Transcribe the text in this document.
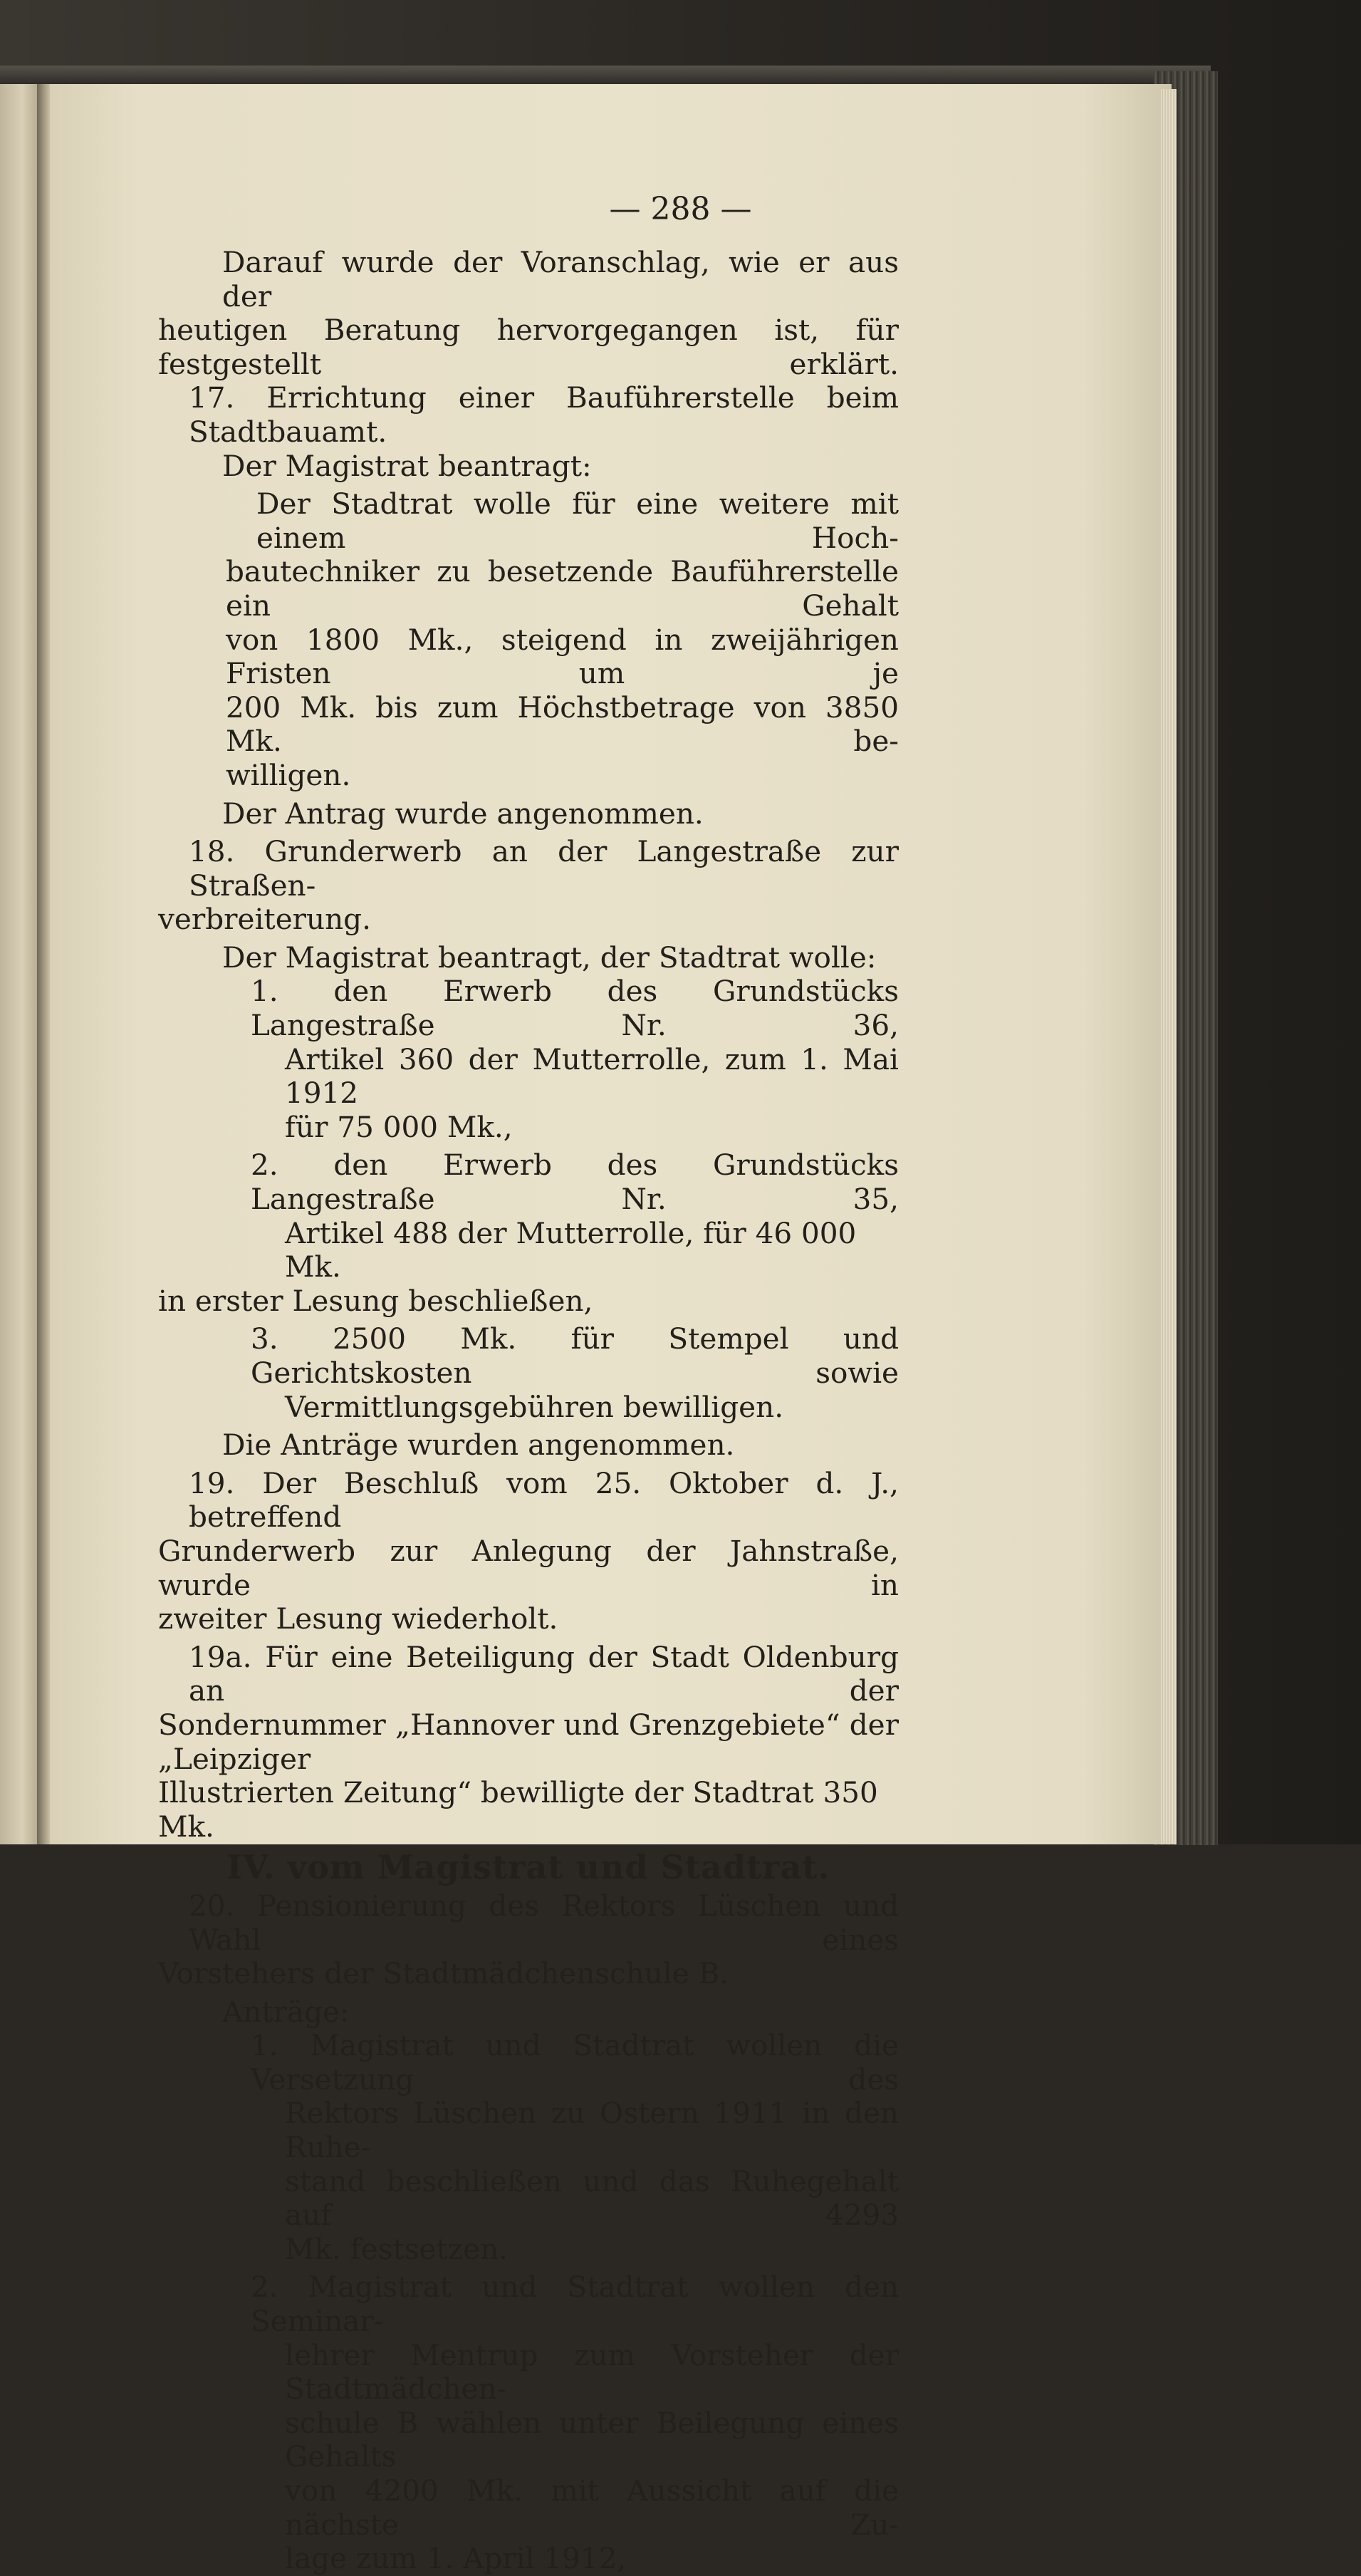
— 288 —
Darauf wurde der Voranschlag, wie er aus der
heutigen Beratung hervorgegangen ist, für festgestellt erklärt.
17. Errichtung einer Bauführerstelle beim Stadtbauamt.
Der Magistrat beantragt:
Der Stadtrat wolle für eine weitere mit einem Hoch-
bautechniker zu besetzende Bauführerstelle ein Gehalt
von 1800 Mk., steigend in zweijährigen Fristen um je
200 Mk. bis zum Höchstbetrage von 3850 Mk. be-
willigen.
Der Antrag wurde angenommen.
18. Grunderwerb an der Langestraße zur Straßen-
verbreiterung.
Der Magistrat beantragt, der Stadtrat wolle:
1. den Erwerb des Grundstücks Langestraße Nr. 36,
Artikel 360 der Mutterrolle, zum 1. Mai 1912
für 75 000 Mk.,
2. den Erwerb des Grundstücks Langestraße Nr. 35,
Artikel 488 der Mutterrolle, für 46 000 Mk.
in erster Lesung beschließen,
3. 2500 Mk. für Stempel und Gerichtskosten sowie
Vermittlungsgebühren bewilligen.
Die Anträge wurden angenommen.
19. Der Beschluß vom 25. Oktober d. J., betreffend
Grunderwerb zur Anlegung der Jahnstraße, wurde in
zweiter Lesung wiederholt.
19a. Für eine Beteiligung der Stadt Oldenburg an der
Sondernummer „Hannover und Grenzgebiete“ der „Leipziger
Illustrierten Zeitung“ bewilligte der Stadtrat 350 Mk.
IV. vom Magistrat und Stadtrat.
20. Pensionierung des Rektors Lüschen und Wahl eines
Vorstehers der Stadtmädchenschule B.
Anträge:
1. Magistrat und Stadtrat wollen die Versetzung des
Rektors Lüschen zu Ostern 1911 in den Ruhe-
stand beschließen und das Ruhegehalt auf 4293
Mk. festsetzen.
2. Magistrat und Stadtrat wollen den Seminar-
lehrer Mentrup zum Vorsteher der Stadtmädchen-
schule B wählen unter Beilegung eines Gehalts
von 4200 Mk. mit Aussicht auf die nächste Zu-
lage zum 1. April 1912,
